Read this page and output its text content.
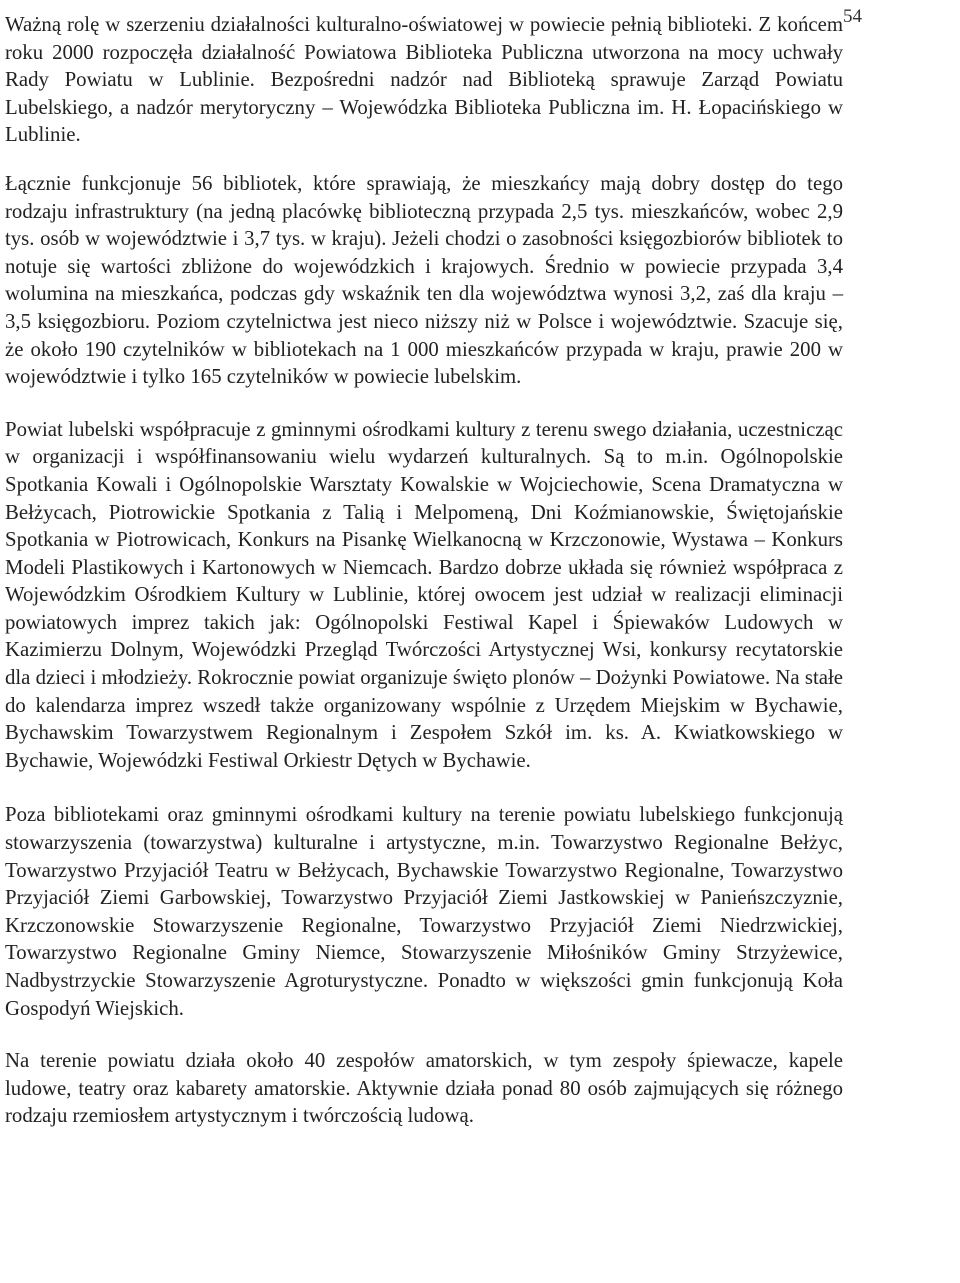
54

Ważną rolę w szerzeniu działalności kulturalno-oświatowej w powiecie pełnią biblioteki. Z końcem roku 2000 rozpoczęła działalność Powiatowa Biblioteka Publiczna utworzona na mocy uchwały Rady Powiatu w Lublinie. Bezpośredni nadzór nad Biblioteką sprawuje Zarząd Powiatu Lubelskiego, a nadzór merytoryczny – Wojewódzka Biblioteka Publiczna im. H. Łopacińskiego w Lublinie.

Łącznie funkcjonuje 56 bibliotek, które sprawiają, że mieszkańcy mają dobry dostęp do tego rodzaju infrastruktury (na jedną placówkę biblioteczną przypada 2,5 tys. mieszkańców, wobec 2,9 tys. osób w województwie i 3,7 tys. w kraju). Jeżeli chodzi o zasobności księgozbiorów bibliotek to notuje się wartości zbliżone do wojewódzkich i krajowych. Średnio w powiecie przypada 3,4 wolumina na mieszkańca, podczas gdy wskaźnik ten dla województwa wynosi 3,2, zaś dla kraju – 3,5 księgozbioru. Poziom czytelnictwa jest nieco niższy niż w Polsce i województwie. Szacuje się, że około 190 czytelników w bibliotekach na 1 000 mieszkańców przypada w kraju, prawie 200 w województwie i tylko 165 czytelników w powiecie lubelskim.

Powiat lubelski współpracuje z gminnymi ośrodkami kultury z terenu swego działania, uczestnicząc w organizacji i współfinansowaniu wielu wydarzeń kulturalnych. Są to m.in. Ogólnopolskie Spotkania Kowali i Ogólnopolskie Warsztaty Kowalskie w Wojciechowie, Scena Dramatyczna w Bełżycach, Piotrowickie Spotkania z Talią i Melpomeną, Dni Koźmianowskie, Świętojańskie Spotkania w Piotrowicach, Konkurs na Pisankę Wielkanocną w Krzczonowie, Wystawa – Konkurs Modeli Plastikowych i Kartonowych w Niemcach. Bardzo dobrze układa się również współpraca z Wojewódzkim Ośrodkiem Kultury w Lublinie, której owocem jest udział w realizacji eliminacji powiatowych imprez takich jak: Ogólnopolski Festiwal Kapel i Śpiewaków Ludowych w Kazimierzu Dolnym, Wojewódzki Przegląd Twórczości Artystycznej Wsi, konkursy recytatorskie dla dzieci i młodzieży. Rokrocznie powiat organizuje święto plonów – Dożynki Powiatowe. Na stałe do kalendarza imprez wszedł także organizowany wspólnie z Urzędem Miejskim w Bychawie, Bychawskim Towarzystwem Regionalnym i Zespołem Szkół im. ks. A. Kwiatkowskiego w Bychawie, Wojewódzki Festiwal Orkiestr Dętych w Bychawie.

Poza bibliotekami oraz gminnymi ośrodkami kultury na terenie powiatu lubelskiego funkcjonują stowarzyszenia (towarzystwa) kulturalne i artystyczne, m.in. Towarzystwo Regionalne Bełżyc, Towarzystwo Przyjaciół Teatru w Bełżycach, Bychawskie Towarzystwo Regionalne, Towarzystwo Przyjaciół Ziemi Garbowskiej, Towarzystwo Przyjaciół Ziemi Jastkowskiej w Panieńszczyznie, Krzczonowskie Stowarzyszenie Regionalne, Towarzystwo Przyjaciół Ziemi Niedrzwickiej, Towarzystwo Regionalne Gminy Niemce, Stowarzyszenie Miłośników Gminy Strzyżewice, Nadbystrzyckie Stowarzyszenie Agroturystyczne. Ponadto w większości gmin funkcjonują Koła Gospodyń Wiejskich.

Na terenie powiatu działa około 40 zespołów amatorskich, w tym zespoły śpiewacze, kapele ludowe, teatry oraz kabarety amatorskie. Aktywnie działa ponad 80 osób zajmujących się różnego rodzaju rzemiosłem artystycznym i twórczością ludową.
